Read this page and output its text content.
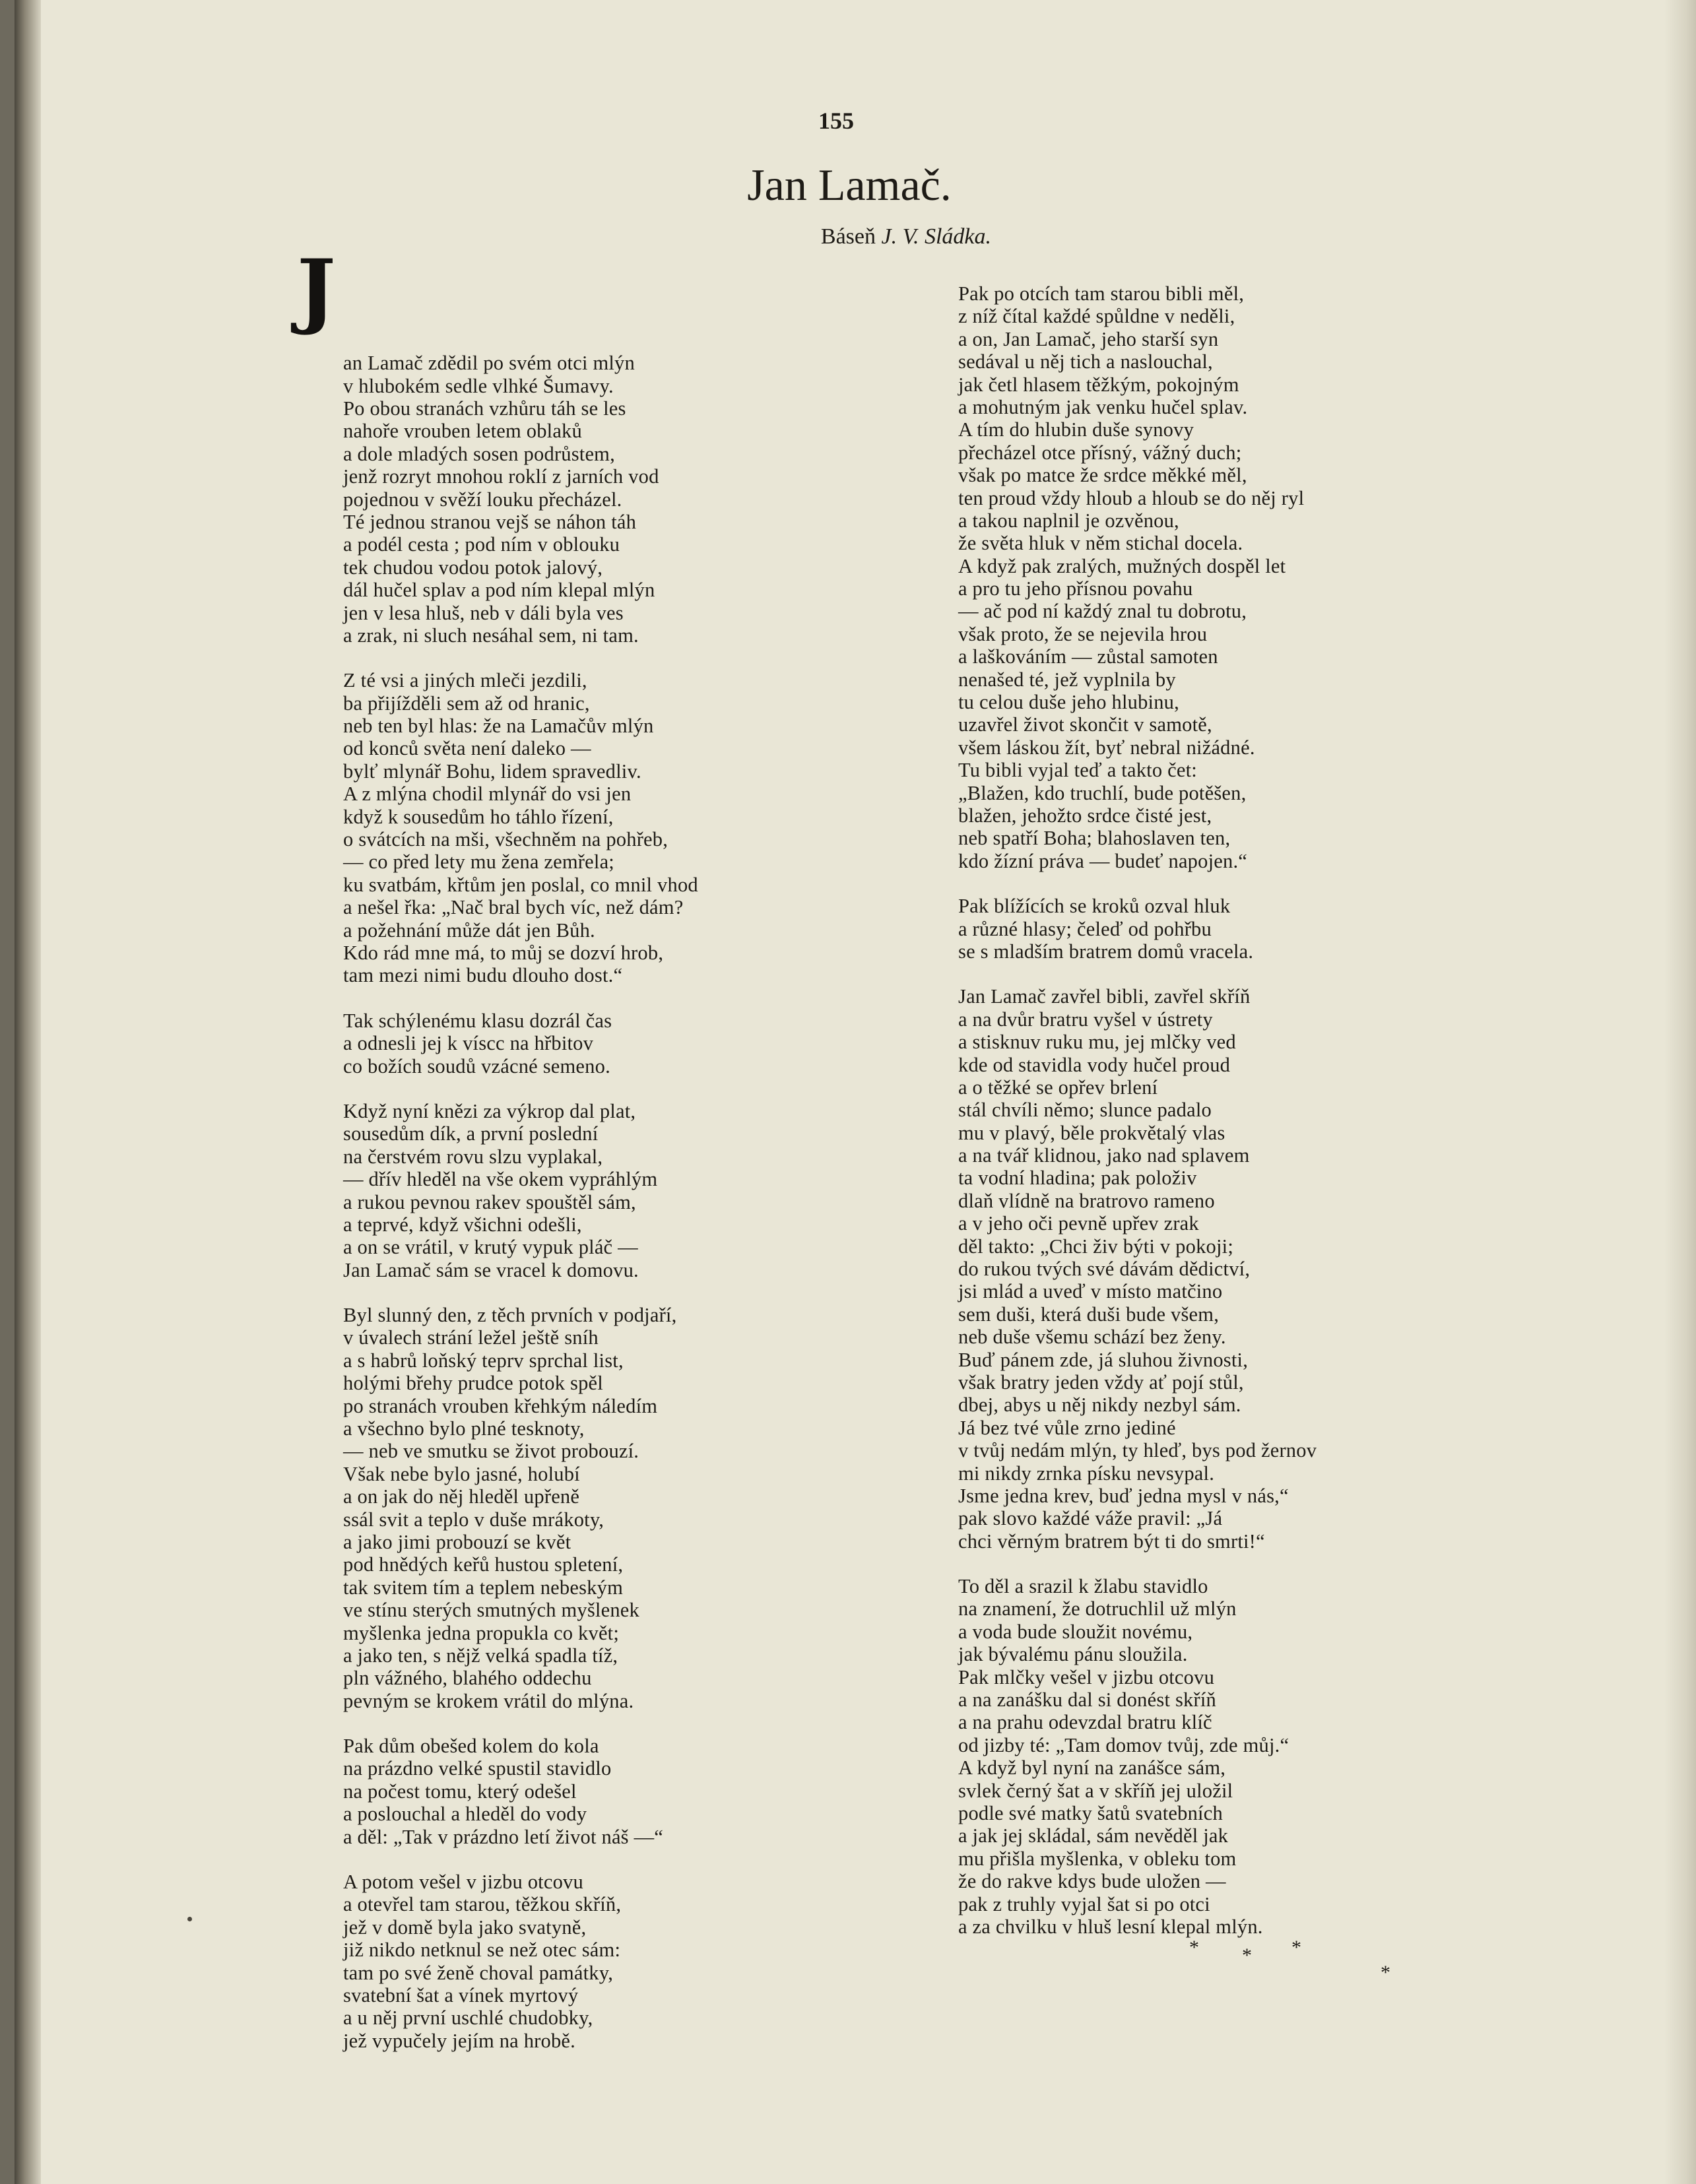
155
Jan Lamač.
Báseň J. V. Sládka.

J

an Lamač zdědil po svém otci mlýn
v hlubokém sedle vlhké Šumavy.
Po obou stranách vzhůru táh se les
nahoře vrouben letem oblaků
a dole mladých sosen podrůstem,
jenž rozryt mnohou roklí z jarních vod
pojednou v svěží louku přecházel.
Té jednou stranou vejš se náhon táh
a podél cesta ; pod ním v oblouku
tek chudou vodou potok jalový,
dál hučel splav a pod ním klepal mlýn
jen v lesa hluš, neb v dáli byla ves
a zrak, ni sluch nesáhal sem, ni tam.
Z té vsi a jiných mleči jezdili,
ba přijížděli sem až od hranic,
neb ten byl hlas: že na Lamačův mlýn
od konců světa není daleko —
bylť mlynář Bohu, lidem spravedliv.
A z mlýna chodil mlynář do vsi jen
když k sousedům ho táhlo řízení,
o svátcích na mši, všechněm na pohřeb,
— co před lety mu žena zemřela;
ku svatbám, křtům jen poslal, co mnil vhod
a nešel řka: „Nač bral bych víc, než dám?
a požehnání může dát jen Bůh.
Kdo rád mne má, to můj se dozví hrob,
tam mezi nimi budu dlouho dost.“
Tak schýlenému klasu dozrál čas
a odnesli jej k víscc na hřbitov
co božích soudů vzácné semeno.
Když nyní knězi za výkrop dal plat,
sousedům dík, a první poslední
na čerstvém rovu slzu vyplakal,
— dřív hleděl na vše okem vypráhlým
a rukou pevnou rakev spouštěl sám,
a teprvé, když všichni odešli,
a on se vrátil, v krutý vypuk pláč —
Jan Lamač sám se vracel k domovu.
Byl slunný den, z těch prvních v podjaří,
v úvalech strání ležel ještě sníh
a s habrů loňský teprv sprchal list,
holými břehy prudce potok spěl
po stranách vrouben křehkým náledím
a všechno bylo plné tesknoty,
— neb ve smutku se život probouzí.
Však nebe bylo jasné, holubí
a on jak do něj hleděl upřeně
ssál svit a teplo v duše mrákoty,
a jako jimi probouzí se květ
pod hnědých keřů hustou spletení,
tak svitem tím a teplem nebeským
ve stínu sterých smutných myšlenek
myšlenka jedna propukla co květ;
a jako ten, s nějž velká spadla tíž,
pln vážného, blahého oddechu
pevným se krokem vrátil do mlýna.
Pak dům obešed kolem do kola
na prázdno velké spustil stavidlo
na počest tomu, který odešel
a poslouchal a hleděl do vody
a děl: „Tak v prázdno letí život náš —“
A potom vešel v jizbu otcovu
a otevřel tam starou, těžkou skříň,
jež v domě byla jako svatyně,
již nikdo netknul se než otec sám:
tam po své ženě choval památky,
svatební šat a vínek myrtový
a u něj první uschlé chudobky,
jež vypučely jejím na hrobě.
Pak po otcích tam starou bibli měl,
z níž čítal každé spůldne v neděli,
a on, Jan Lamač, jeho starší syn
sedával u něj tich a naslouchal,
jak četl hlasem těžkým, pokojným
a mohutným jak venku hučel splav.
A tím do hlubin duše synovy
přecházel otce přísný, vážný duch;
však po matce že srdce měkké měl,
ten proud vždy hloub a hloub se do něj ryl
a takou naplnil je ozvěnou,
že světa hluk v něm stichal docela.
A když pak zralých, mužných dospěl let
a pro tu jeho přísnou povahu
— ač pod ní každý znal tu dobrotu,
však proto, že se nejevila hrou
a laškováním — zůstal samoten
nenašed té, jež vyplnila by
tu celou duše jeho hlubinu,
uzavřel život skončit v samotě,
všem láskou žít, byť nebral nižádné.
Tu bibli vyjal teď a takto čet:
„Blažen, kdo truchlí, bude potěšen,
blažen, jehožto srdce čisté jest,
neb spatří Boha; blahoslaven ten,
kdo žízní práva — budeť napojen.“
Pak blížících se kroků ozval hluk
a různé hlasy; čeleď od pohřbu
se s mladším bratrem domů vracela.
Jan Lamač zavřel bibli, zavřel skříň
a na dvůr bratru vyšel v ústrety
a stisknuv ruku mu, jej mlčky ved
kde od stavidla vody hučel proud
a o těžké se opřev brlení
stál chvíli němo; slunce padalo
mu v plavý, běle prokvětalý vlas
a na tvář klidnou, jako nad splavem
ta vodní hladina; pak položiv
dlaň vlídně na bratrovo rameno
a v jeho oči pevně upřev zrak
děl takto: „Chci živ býti v pokoji;
do rukou tvých své dávám dědictví,
jsi mlád a uveď v místo matčino
sem duši, která duši bude všem,
neb duše všemu schází bez ženy.
Buď pánem zde, já sluhou živnosti,
však bratry jeden vždy ať pojí stůl,
dbej, abys u něj nikdy nezbyl sám.
Já bez tvé vůle zrno jediné
v tvůj nedám mlýn, ty hleď, bys pod žernov
mi nikdy zrnka písku nevsypal.
Jsme jedna krev, buď jedna mysl v nás,“
pak slovo každé váže pravil: „Já
chci věrným bratrem být ti do smrti!“
To děl a srazil k žlabu stavidlo
na znamení, že dotruchlil už mlýn
a voda bude sloužit novému,
jak bývalému pánu sloužila.
Pak mlčky vešel v jizbu otcovu
a na zanášku dal si donést skříň
a na prahu odevzdal bratru klíč
od jizby té: „Tam domov tvůj, zde můj.“
A když byl nyní na zanášce sám,
svlek černý šat a v skříň jej uložil
podle své matky šatů svatebních
a jak jej skládal, sám nevěděl jak
mu přišla myšlenka, v obleku tom
že do rakve kdys bude uložen —
pak z truhly vyjal šat si po otci
a za chvilku v hluš lesní klepal mlýn.
* * *
*
